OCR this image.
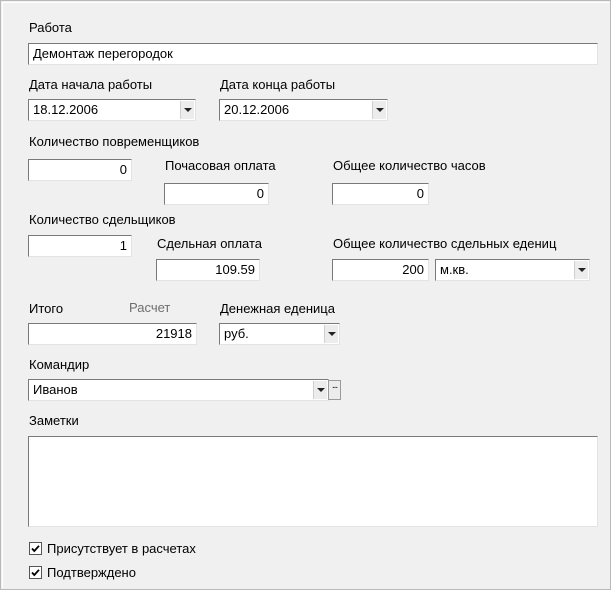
Работа
Демонтаж перегородок
Дата начала работы
18.12.2006
Дата конца работы
20.12.2006
Количество повременщиков
0	Почасовая оплата
0
Общее количество часов
0
Количество сдельщиков
1	Сдельная оплата
109.59
Общее количество сдельных едениц
200	м.кв.
Итого	Расчет
21918
Денежная еденица
руб.
Командир
Иванов	...
Заметки
Присутствует в расчетах
Подтверждено
